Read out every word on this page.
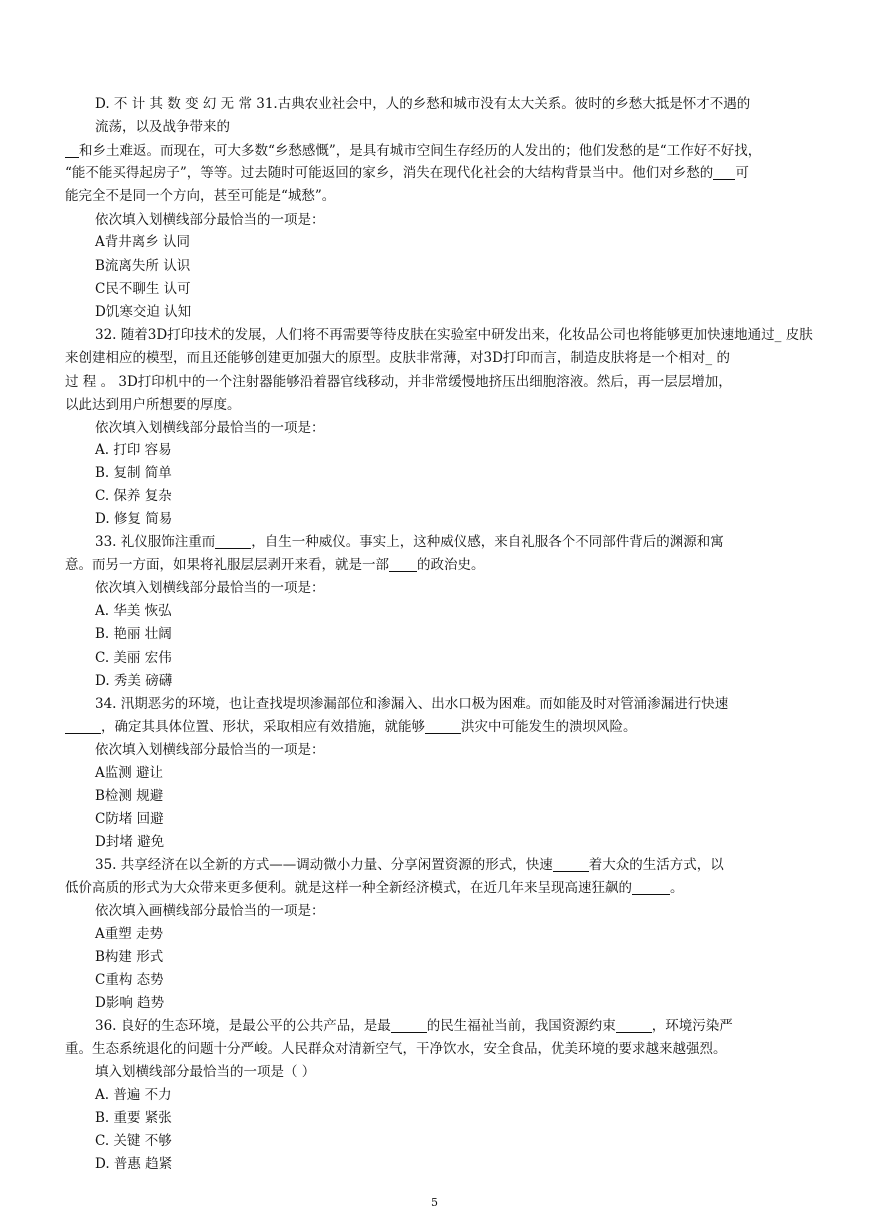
D. 不 计 其 数 变 幻 无 常 31.古典农业社会中，人的乡愁和城市没有太大关系。彼时的乡愁大抵是怀才不遇的
流荡，以及战争带来的
和乡土难返。而现在，可大多数“乡愁感慨”，是具有城市空间生存经历的人发出的；他们发愁的是“工作好不好找，
“能不能买得起房子”，等等。过去随时可能返回的家乡，消失在现代化社会的大结构背景当中。他们对乡愁的 可
能完全不是同一个方向，甚至可能是“城愁”。
依次填入划横线部分最恰当的一项是：
A背井离乡 认同
B流离失所 认识
C民不聊生 认可
D饥寒交迫 认知
32. 随着3D打印技术的发展，人们将不再需要等待皮肤在实验室中研发出来，化妆品公司也将能够更加快速地通过_ 皮肤
来创建相应的模型，而且还能够创建更加强大的原型。皮肤非常薄，对3D打印而言，制造皮肤将是一个相对_ 的
过 程 。 3D打印机中的一个注射器能够沿着器官线移动，并非常缓慢地挤压出细胞溶液。然后，再一层层增加，
以此达到用户所想要的厚度。
依次填入划横线部分最恰当的一项是：
A. 打印 容易
B. 复制 简单
C. 保养 复杂
D. 修复 简易
33. 礼仪服饰注重而	，自生一种威仪。事实上，这种威仪感，来自礼服各个不同部件背后的渊源和寓
意。而另一方面，如果将礼服层层剥开来看，就是一部 的政治史。
依次填入划横线部分最恰当的一项是：
A. 华美 恢弘
B. 艳丽 壮阔
C. 美丽 宏伟
D. 秀美 磅礴
34. 汛期恶劣的环境，也让查找堤坝渗漏部位和渗漏入、出水口极为困难。而如能及时对管涌渗漏进行快速
，确定其具体位置、形状，采取相应有效措施，就能够	洪灾中可能发生的溃坝风险。
依次填入划横线部分最恰当的一项是：
A监测 避让
B检测 规避
C防堵 回避
D封堵 避免
35. 共享经济在以全新的方式——调动微小力量、分享闲置资源的形式，快速	着大众的生活方式，以
低价高质的形式为大众带来更多便利。就是这样一种全新经济模式，在近几年来呈现高速狂飙的	。
依次填入画横线部分最恰当的一项是：
A重塑 走势
B构建 形式
C重构 态势
D影响 趋势
36. 良好的生态环境，是最公平的公共产品，是最	的民生福祉当前，我国资源约束	，环境污染严
重。生态系统退化的问题十分严峻。人民群众对清新空气，干净饮水，安全食品，优美环境的要求越来越强烈。
填入划横线部分最恰当的一项是（ ）
A. 普遍 不力
B. 重要 紧张
C. 关键 不够
D. 普惠 趋紧
5
